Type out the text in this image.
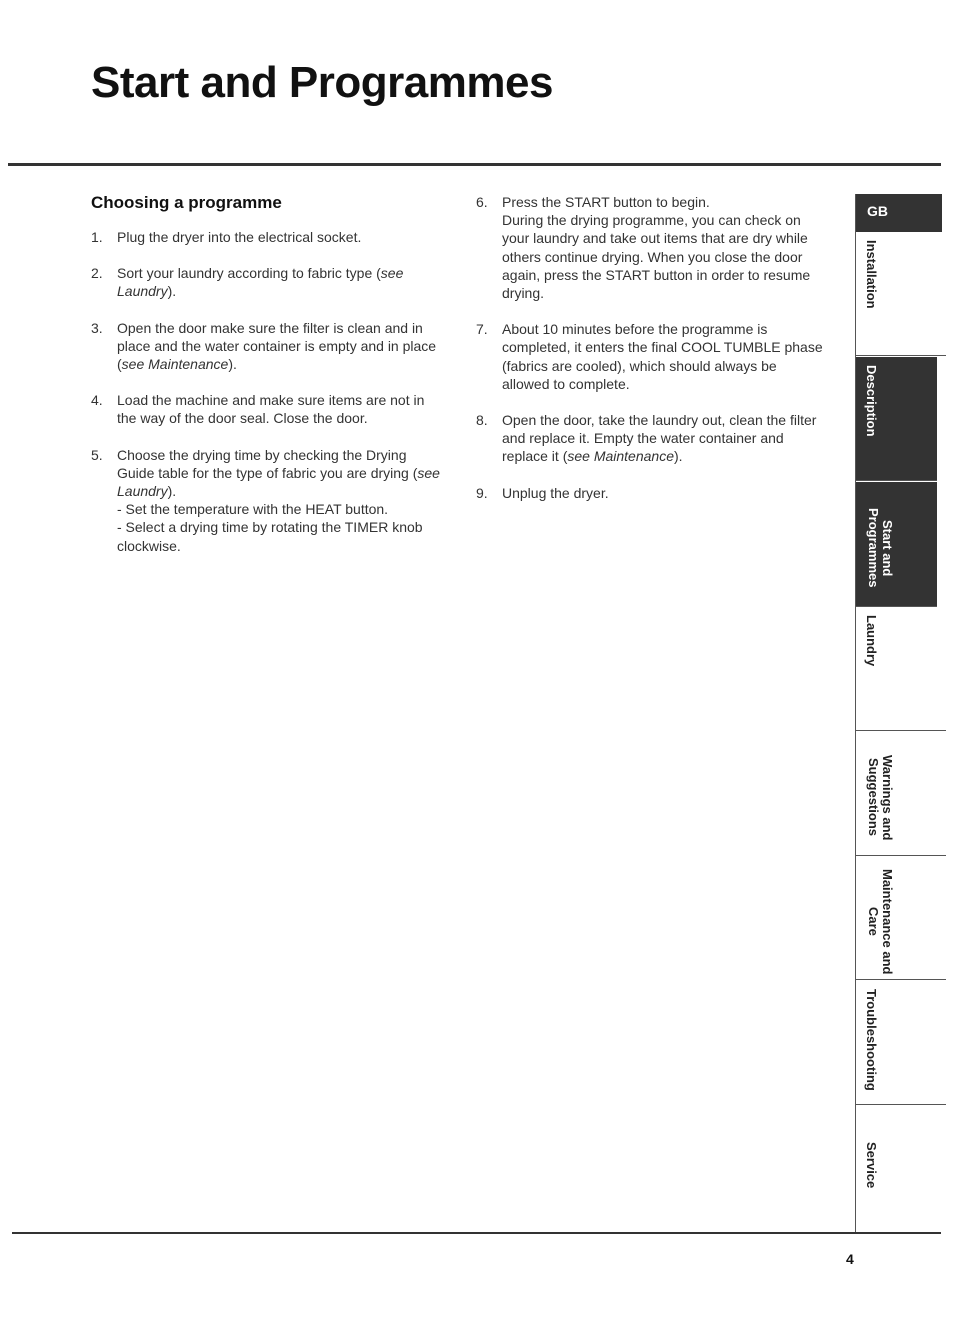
Start and Programmes
Choosing a programme
1.	Plug the dryer into the electrical socket.
2.	Sort your laundry according to fabric type (see Laundry).
3.	Open the door make sure the filter is clean and in place and the water container is empty and in place (see Maintenance).
4.	Load the machine and make sure items are not in the way of the door seal. Close the door.
5.	Choose the drying time by checking the Drying Guide table for the type of fabric you are drying (see Laundry).
- Set the temperature with the HEAT button.
- Select a drying time by rotating the TIMER knob clockwise.
6.	Press the START button to begin.
During the drying programme, you can check on your laundry and take out items that are dry while others continue drying. When you close the door again, press the START button in order to resume drying.
7.	About 10 minutes before the programme is completed, it enters the final COOL TUMBLE phase (fabrics are cooled), which should always be allowed to complete.
8.	Open the door, take the laundry out, clean the filter and replace it. Empty the water container and replace it (see Maintenance).
9.	Unplug the dryer.
GB
Installation
Description
Start and Programmes
Laundry
Warnings and Suggestions
Maintenance and Care
Troubleshooting
Service
4
